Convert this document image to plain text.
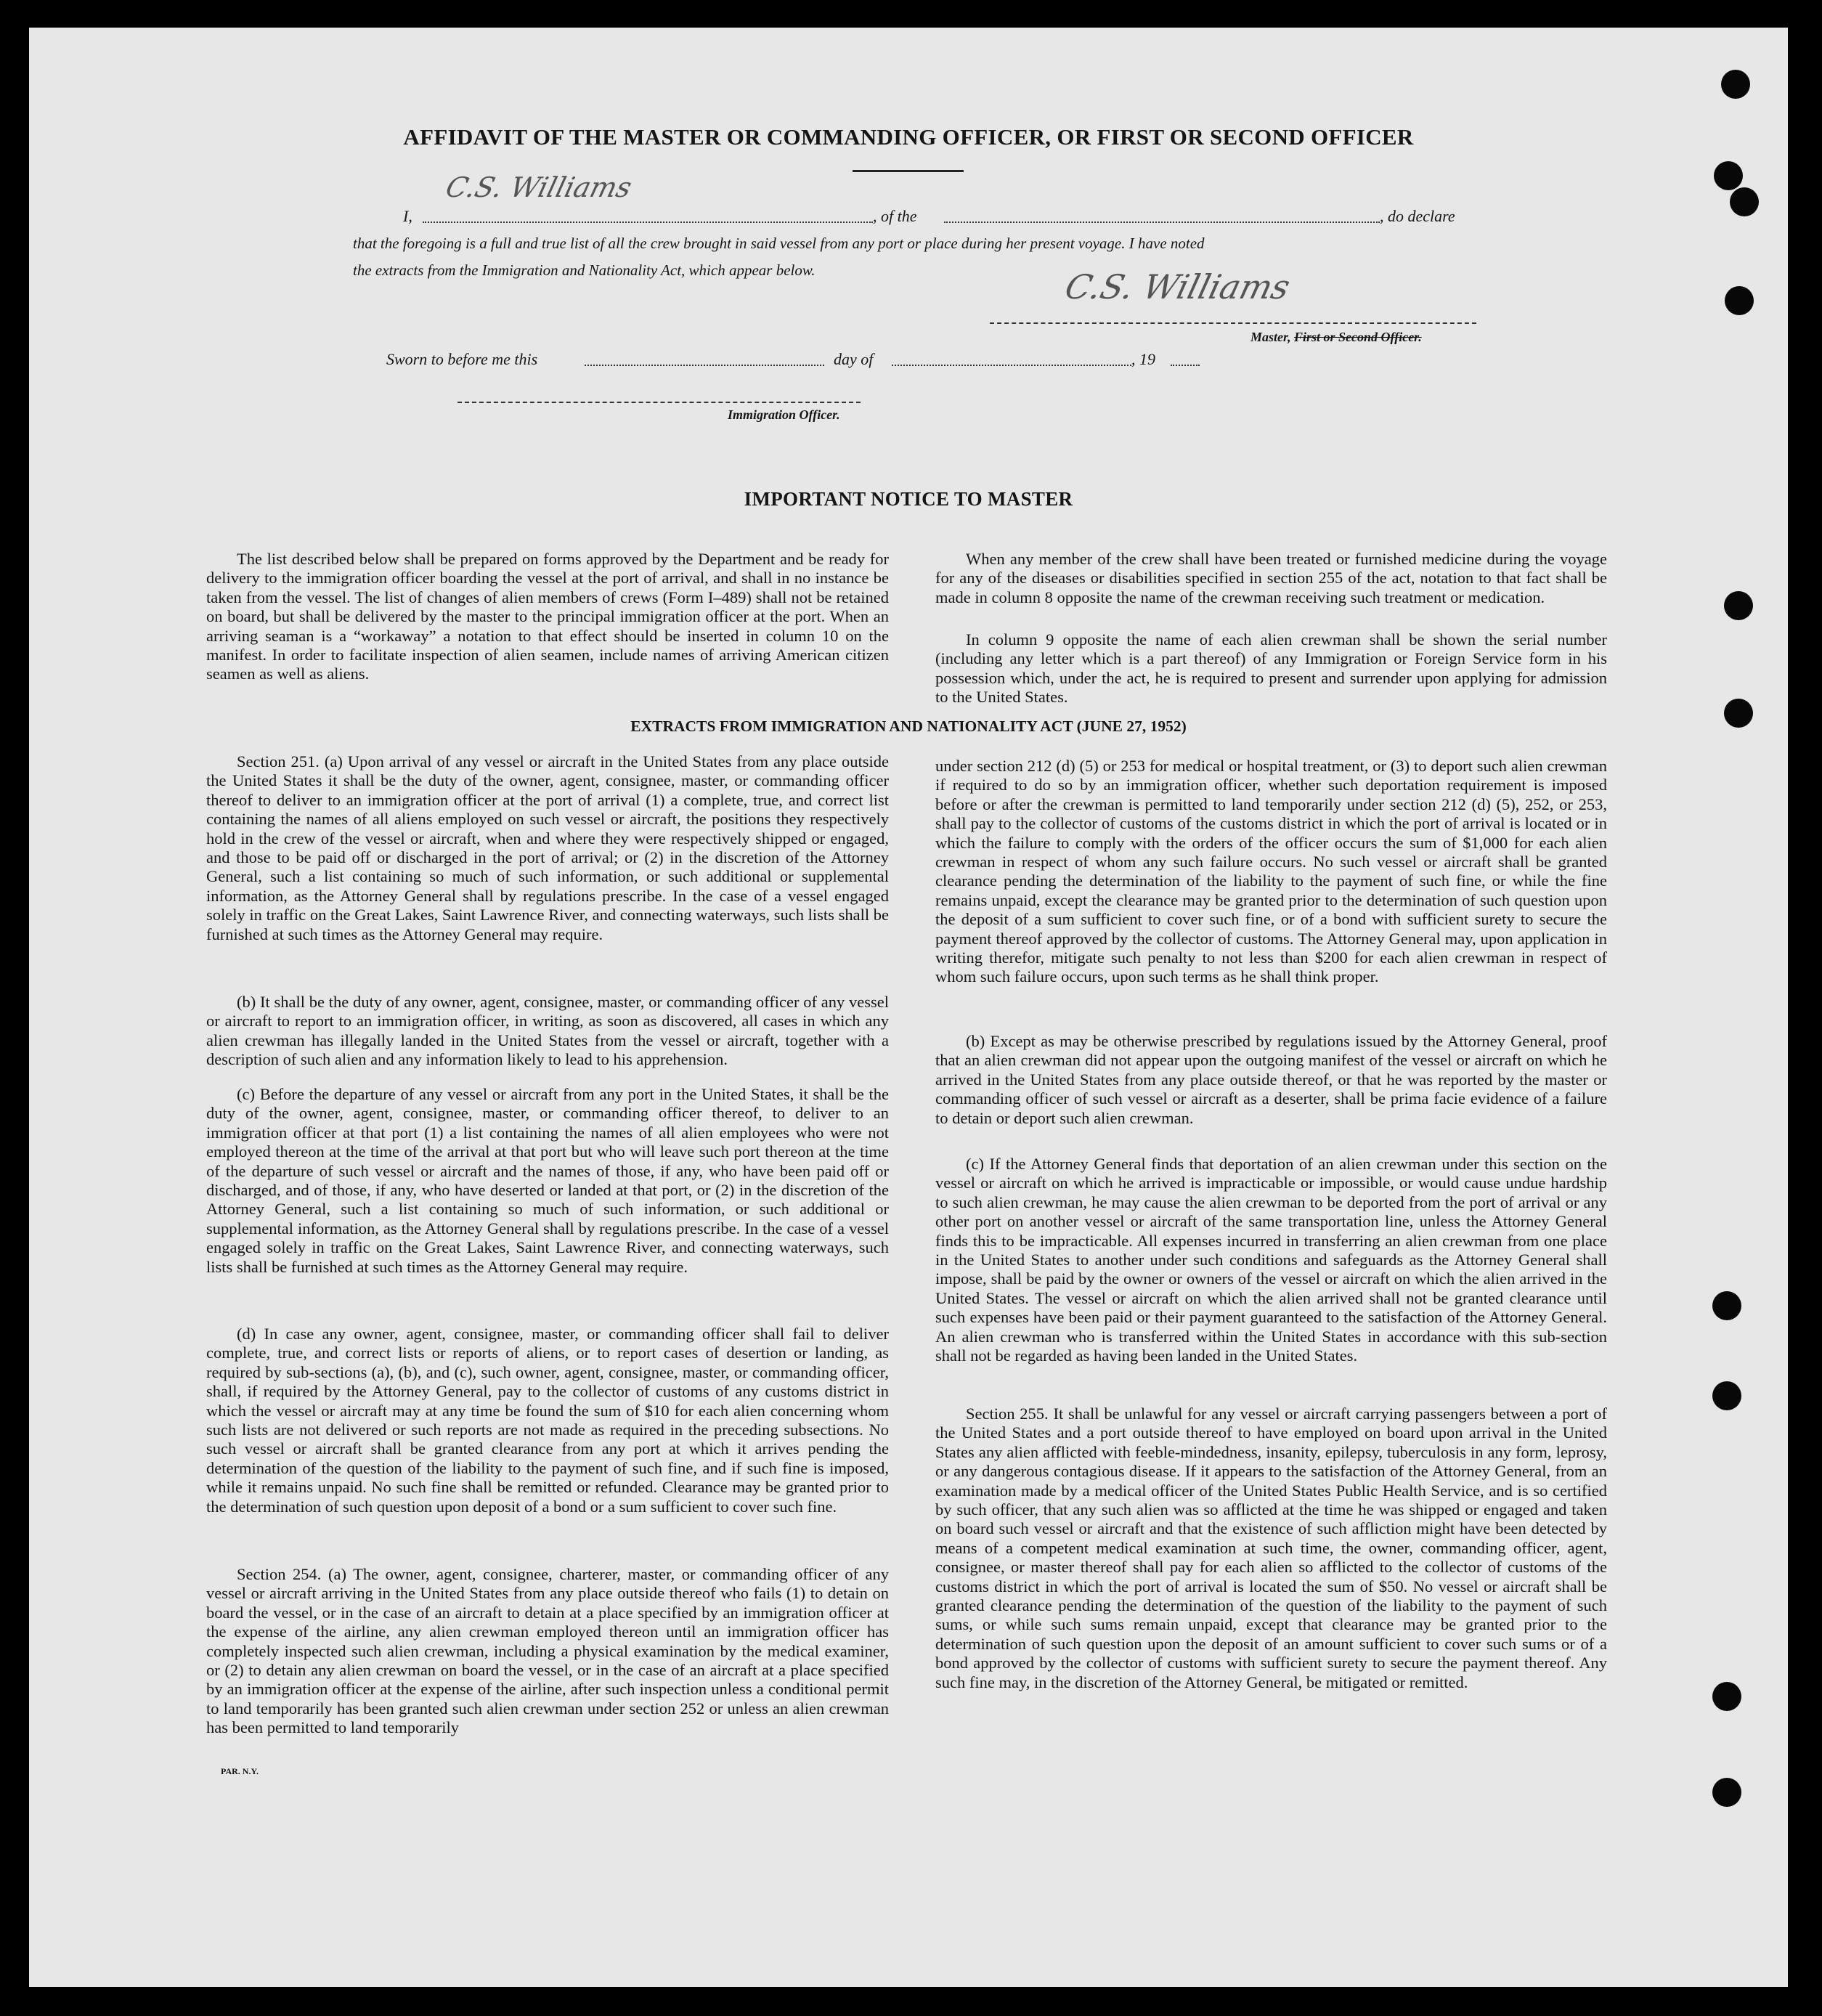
AFFIDAVIT OF THE MASTER OR COMMANDING OFFICER, OR FIRST OR SECOND OFFICER
C.S. Williams
I,	, of the	, do declare
that the foregoing is a full and true list of all the crew brought in said vessel from any port or place during her present voyage. I have noted
the extracts from the Immigration and Nationality Act, which appear below.	C.S. Williams
Master, First or Second Officer.
Sworn to before me this	day of	, 19
Immigration Officer.
IMPORTANT NOTICE TO MASTER

The list described below shall be prepared on forms approved by the Department and be ready for delivery to the immigration officer boarding the vessel at the port of arrival, and shall in no instance be taken from the vessel. The list of changes of alien members of crews (Form I–489) shall not be retained on board, but shall be delivered by the master to the principal immigration officer at the port. When an arriving seaman is a “workaway” a notation to that effect should be inserted in column 10 on the manifest. In order to facilitate inspection of alien seamen, include names of arriving American citizen seamen as well as aliens.

When any member of the crew shall have been treated or furnished medicine during the voyage for any of the diseases or disabilities specified in section 255 of the act, notation to that fact shall be made in column 8 opposite the name of the crewman receiving such treatment or medication.

In column 9 opposite the name of each alien crewman shall be shown the serial number (including any letter which is a part thereof) of any Immigration or Foreign Service form in his possession which, under the act, he is required to present and surrender upon applying for admission to the United States.

EXTRACTS FROM IMMIGRATION AND NATIONALITY ACT (JUNE 27, 1952)

Section 251. (a) Upon arrival of any vessel or aircraft in the United States from any place outside the United States it shall be the duty of the owner, agent, consignee, master, or commanding officer thereof to deliver to an immigration officer at the port of arrival (1) a complete, true, and correct list containing the names of all aliens employed on such vessel or aircraft, the positions they respectively hold in the crew of the vessel or aircraft, when and where they were respectively shipped or engaged, and those to be paid off or discharged in the port of arrival; or (2) in the discretion of the Attorney General, such a list containing so much of such information, or such additional or supplemental information, as the Attorney General shall by regulations prescribe. In the case of a vessel engaged solely in traffic on the Great Lakes, Saint Lawrence River, and connecting waterways, such lists shall be furnished at such times as the Attorney General may require.

(b) It shall be the duty of any owner, agent, consignee, master, or commanding officer of any vessel or aircraft to report to an immigration officer, in writing, as soon as discovered, all cases in which any alien crewman has illegally landed in the United States from the vessel or aircraft, together with a description of such alien and any information likely to lead to his apprehension.

(c) Before the departure of any vessel or aircraft from any port in the United States, it shall be the duty of the owner, agent, consignee, master, or commanding officer thereof, to deliver to an immigration officer at that port (1) a list containing the names of all alien employees who were not employed thereon at the time of the arrival at that port but who will leave such port thereon at the time of the departure of such vessel or aircraft and the names of those, if any, who have been paid off or discharged, and of those, if any, who have deserted or landed at that port, or (2) in the discretion of the Attorney General, such a list containing so much of such information, or such additional or supplemental information, as the Attorney General shall by regulations prescribe. In the case of a vessel engaged solely in traffic on the Great Lakes, Saint Lawrence River, and connecting waterways, such lists shall be furnished at such times as the Attorney General may require.

(d) In case any owner, agent, consignee, master, or commanding officer shall fail to deliver complete, true, and correct lists or reports of aliens, or to report cases of desertion or landing, as required by sub-sections (a), (b), and (c), such owner, agent, consignee, master, or commanding officer, shall, if required by the Attorney General, pay to the collector of customs of any customs district in which the vessel or aircraft may at any time be found the sum of $10 for each alien concerning whom such lists are not delivered or such reports are not made as required in the preceding subsections. No such vessel or aircraft shall be granted clearance from any port at which it arrives pending the determination of the question of the liability to the payment of such fine, and if such fine is imposed, while it remains unpaid. No such fine shall be remitted or refunded. Clearance may be granted prior to the determination of such question upon deposit of a bond or a sum sufficient to cover such fine.

Section 254. (a) The owner, agent, consignee, charterer, master, or commanding officer of any vessel or aircraft arriving in the United States from any place outside thereof who fails (1) to detain on board the vessel, or in the case of an aircraft to detain at a place specified by an immigration officer at the expense of the airline, any alien crewman employed thereon until an immigration officer has completely inspected such alien crewman, including a physical examination by the medical examiner, or (2) to detain any alien crewman on board the vessel, or in the case of an aircraft at a place specified by an immigration officer at the expense of the airline, after such inspection unless a conditional permit to land temporarily has been granted such alien crewman under section 252 or unless an alien crewman has been permitted to land temporarily

under section 212 (d) (5) or 253 for medical or hospital treatment, or (3) to deport such alien crewman if required to do so by an immigration officer, whether such deportation requirement is imposed before or after the crewman is permitted to land temporarily under section 212 (d) (5), 252, or 253, shall pay to the collector of customs of the customs district in which the port of arrival is located or in which the failure to comply with the orders of the officer occurs the sum of $1,000 for each alien crewman in respect of whom any such failure occurs. No such vessel or aircraft shall be granted clearance pending the determination of the liability to the payment of such fine, or while the fine remains unpaid, except the clearance may be granted prior to the determination of such question upon the deposit of a sum sufficient to cover such fine, or of a bond with sufficient surety to secure the payment thereof approved by the collector of customs. The Attorney General may, upon application in writing therefor, mitigate such penalty to not less than $200 for each alien crewman in respect of whom such failure occurs, upon such terms as he shall think proper.

(b) Except as may be otherwise prescribed by regulations issued by the Attorney General, proof that an alien crewman did not appear upon the outgoing manifest of the vessel or aircraft on which he arrived in the United States from any place outside thereof, or that he was reported by the master or commanding officer of such vessel or aircraft as a deserter, shall be prima facie evidence of a failure to detain or deport such alien crewman.

(c) If the Attorney General finds that deportation of an alien crewman under this section on the vessel or aircraft on which he arrived is impracticable or impossible, or would cause undue hardship to such alien crewman, he may cause the alien crewman to be deported from the port of arrival or any other port on another vessel or aircraft of the same transportation line, unless the Attorney General finds this to be impracticable. All expenses incurred in transferring an alien crewman from one place in the United States to another under such conditions and safeguards as the Attorney General shall impose, shall be paid by the owner or owners of the vessel or aircraft on which the alien arrived in the United States. The vessel or aircraft on which the alien arrived shall not be granted clearance until such expenses have been paid or their payment guaranteed to the satisfaction of the Attorney General. An alien crewman who is transferred within the United States in accordance with this sub-section shall not be regarded as having been landed in the United States.

Section 255. It shall be unlawful for any vessel or aircraft carrying passengers between a port of the United States and a port outside thereof to have employed on board upon arrival in the United States any alien afflicted with feeble-mindedness, insanity, epilepsy, tuberculosis in any form, leprosy, or any dangerous contagious disease. If it appears to the satisfaction of the Attorney General, from an examination made by a medical officer of the United States Public Health Service, and is so certified by such officer, that any such alien was so afflicted at the time he was shipped or engaged and taken on board such vessel or aircraft and that the existence of such affliction might have been detected by means of a competent medical examination at such time, the owner, commanding officer, agent, consignee, or master thereof shall pay for each alien so afflicted to the collector of customs of the customs district in which the port of arrival is located the sum of $50. No vessel or aircraft shall be granted clearance pending the determination of the question of the liability to the payment of such sums, or while such sums remain unpaid, except that clearance may be granted prior to the determination of such question upon the deposit of an amount sufficient to cover such sums or of a bond approved by the collector of customs with sufficient surety to secure the payment thereof. Any such fine may, in the discretion of the Attorney General, be mitigated or remitted.

PAR. N.Y.
